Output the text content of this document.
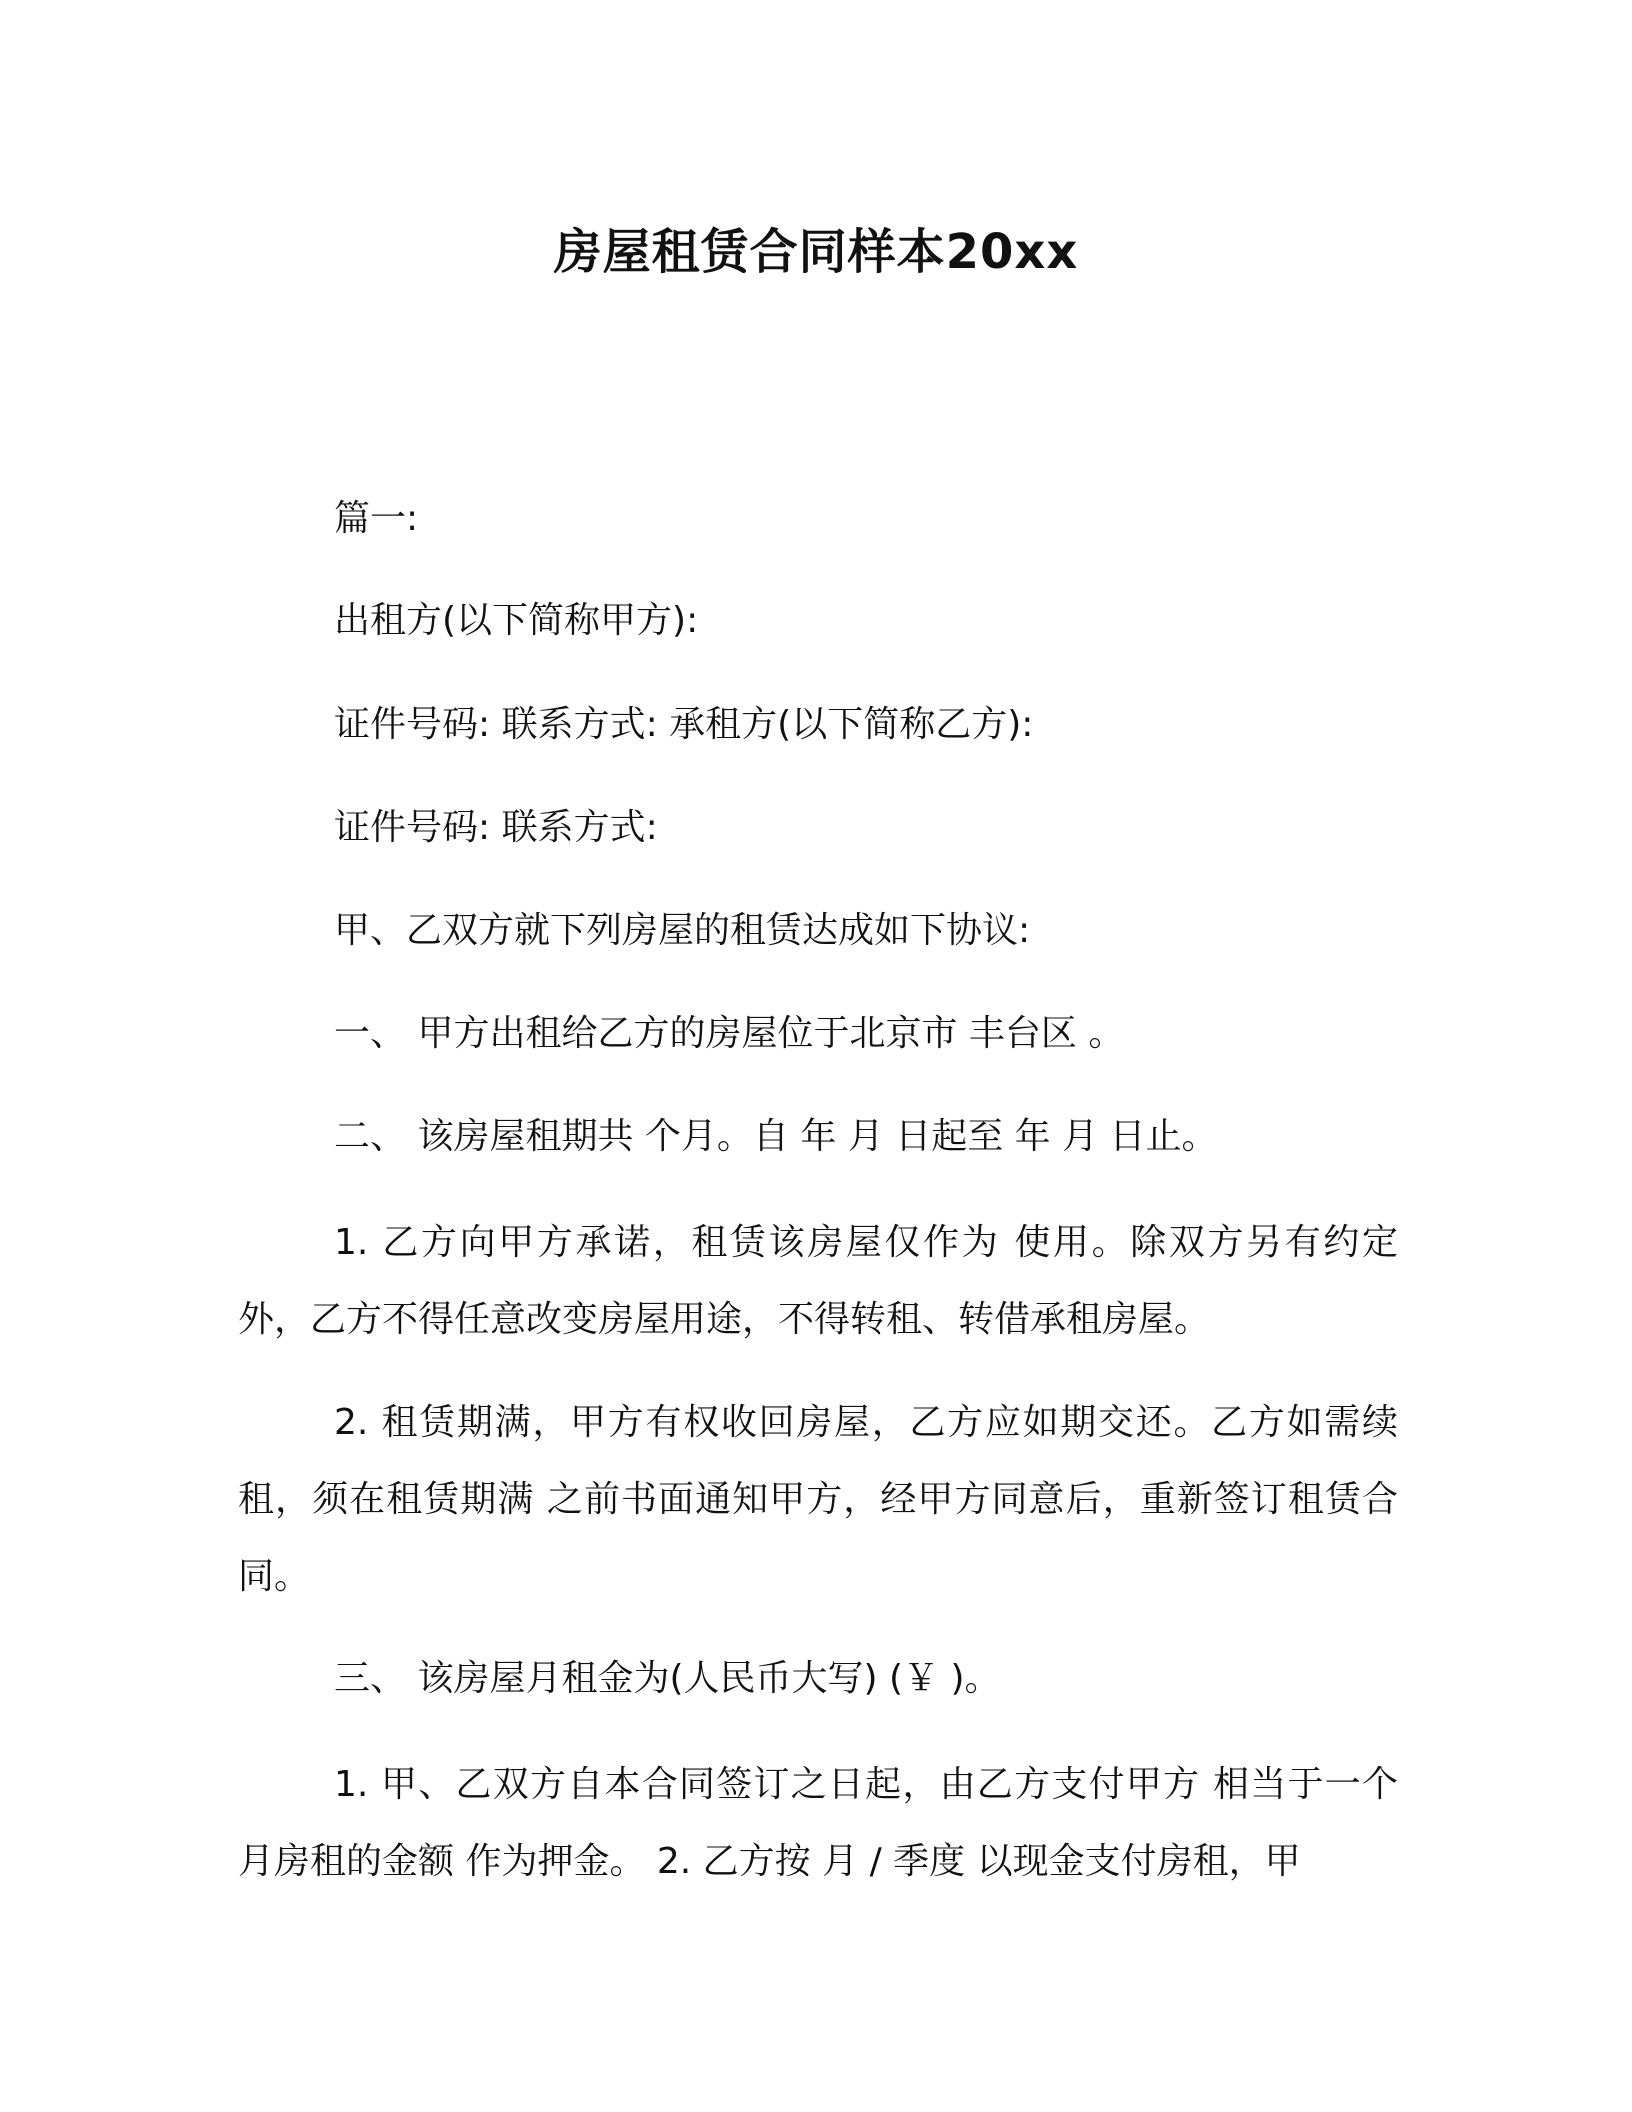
房屋租赁合同样本20xx
篇一:
出租方(以下简称甲方):
证件号码: 联系方式: 承租方(以下简称乙方):
证件号码: 联系方式:
甲、乙双方就下列房屋的租赁达成如下协议:
一、 甲方出租给乙方的房屋位于北京市 丰台区 。
二、 该房屋租期共 个月。自 年 月 日起至 年 月 日止。
1. 乙方向甲方承诺，租赁该房屋仅作为 使用。除双方另有约定外，乙方不得任意改变房屋用途，不得转租、转借承租房屋。
2. 租赁期满，甲方有权收回房屋，乙方应如期交还。乙方如需续租，须在租赁期满 之前书面通知甲方，经甲方同意后，重新签订租赁合同。
三、 该房屋月租金为(人民币大写) (￥ )。
1. 甲、乙双方自本合同签订之日起，由乙方支付甲方 相当于一个月房租的金额 作为押金。 2. 乙方按 月 / 季度 以现金支付房租，甲
